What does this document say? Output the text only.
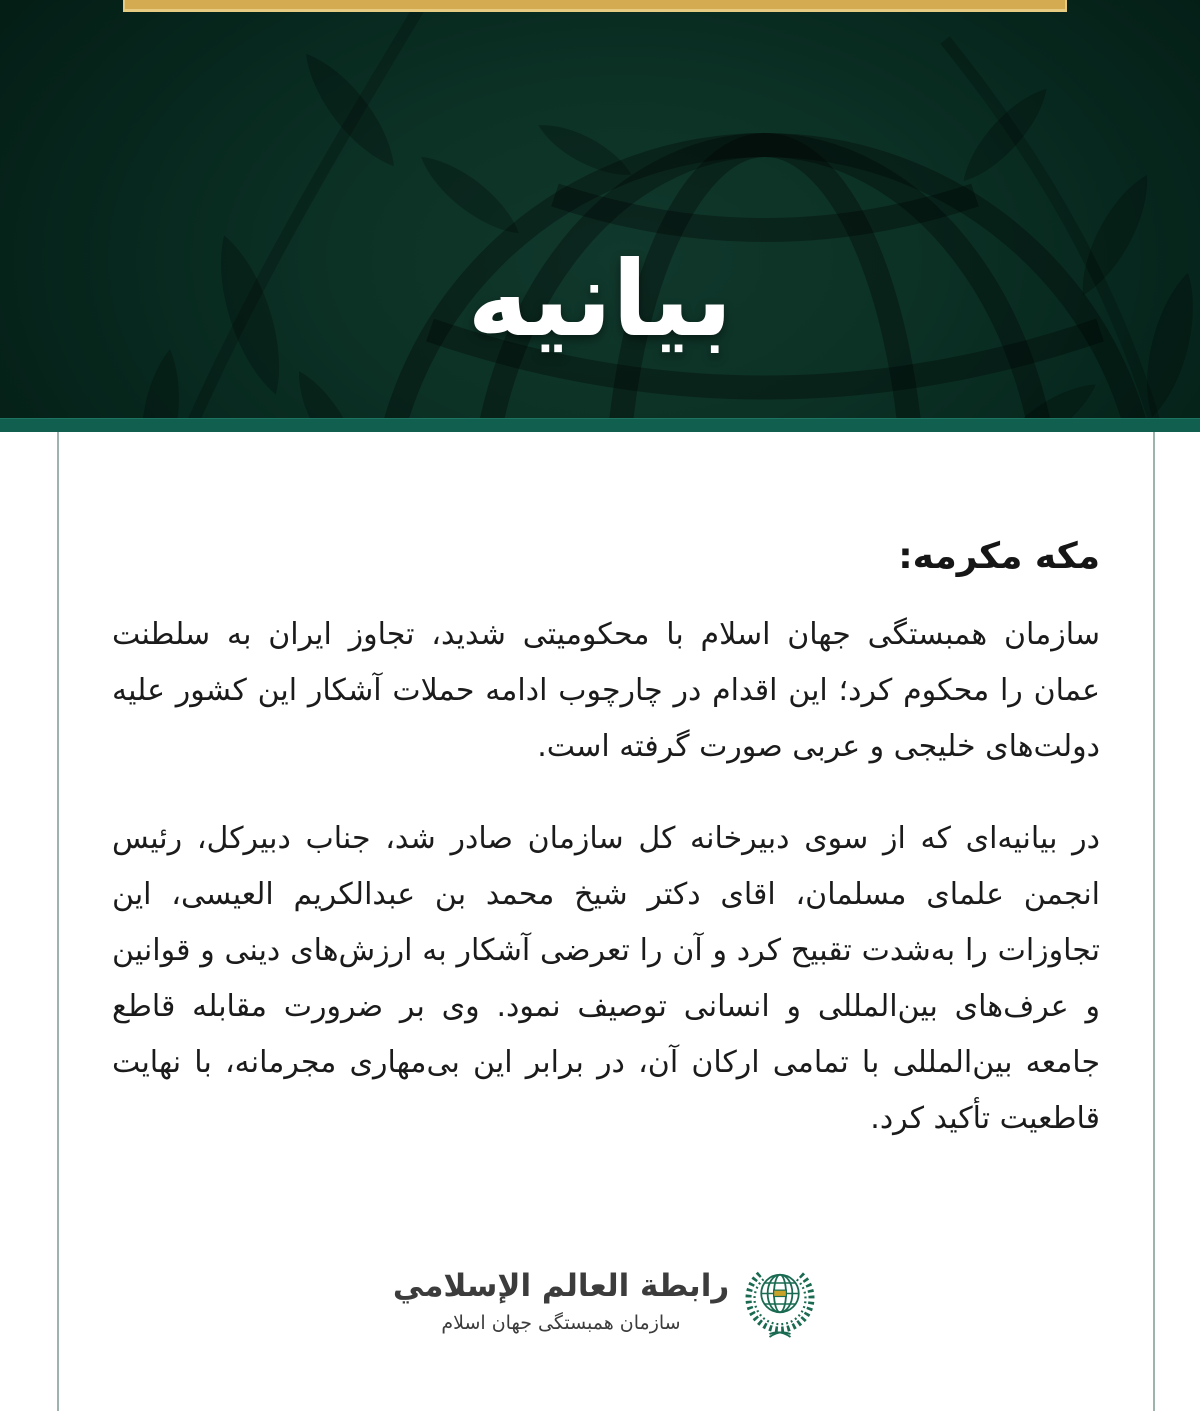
بیانیه
مکه مکرمه:

سازمان همبستگی جهان اسلام با محکومیتی شدید، تجاوز ایران به سلطنت عمان را محکوم کرد؛ این اقدام در چارچوب ادامه حملات آشکار این کشور علیه دولت‌های خلیجی و عربی صورت گرفته است.

در بیانیه‌ای که از سوی دبیرخانه کل سازمان صادر شد، جناب دبیرکل، رئیس انجمن علمای مسلمان، اقای دکتر شیخ محمد بن عبدالکریم العیسی، این تجاوزات را به‌شدت تقبیح کرد و آن را تعرضی آشکار به ارزش‌های دینی و قوانین و عرف‌های بین‌المللی و انسانی توصیف نمود. وی بر ضرورت مقابله قاطع جامعه بین‌المللی با تمامی ارکان آن، در برابر این بی‌مهاری مجرمانه، با نهایت قاطعیت تأکید کرد.

رابطة العالم الإسلامي
سازمان همبستگی جهان اسلام
